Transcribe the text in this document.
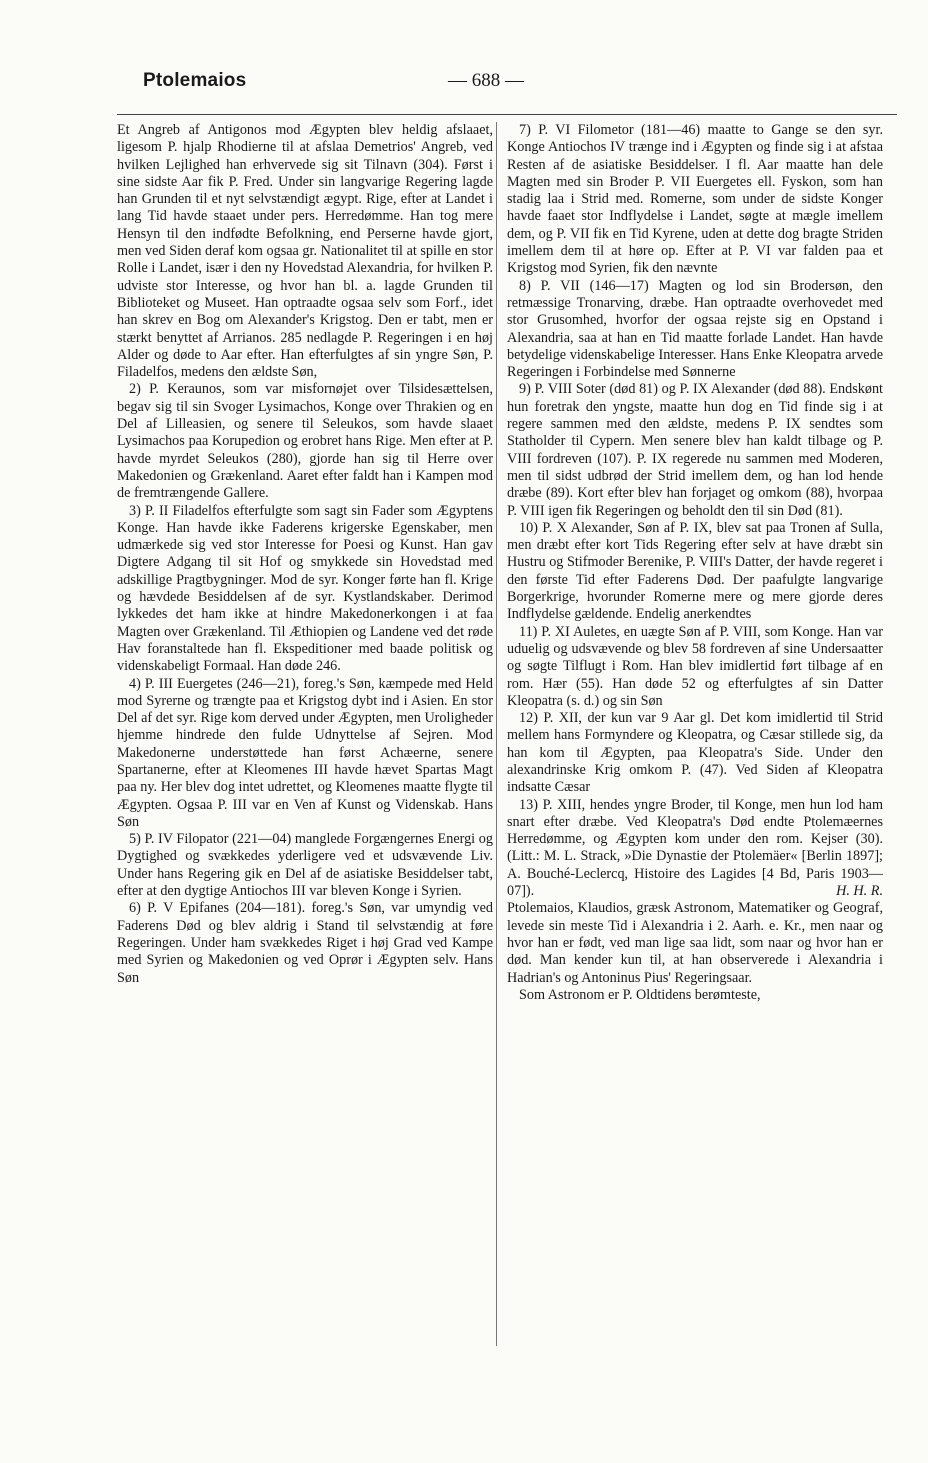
Ptolemaios	— 688 —

Et Angreb af Antigonos mod Ægypten blev heldig afslaaet, ligesom P. hjalp Rhodierne til at afslaa Demetrios' Angreb, ved hvilken Lejlighed han erhvervede sig sit Tilnavn (304). Først i sine sidste Aar fik P. Fred. Under sin langvarige Regering lagde han Grunden til et nyt selvstændigt ægypt. Rige, efter at Landet i lang Tid havde staaet under pers. Herredømme. Han tog mere Hensyn til den indfødte Befolkning, end Perserne havde gjort, men ved Siden deraf kom ogsaa gr. Nationalitet til at spille en stor Rolle i Landet, især i den ny Hovedstad Alexandria, for hvilken P. udviste stor Interesse, og hvor han bl. a. lagde Grunden til Biblioteket og Museet. Han optraadte ogsaa selv som Forf., idet han skrev en Bog om Alexander's Krigstog. Den er tabt, men er stærkt benyttet af Arrianos. 285 nedlagde P. Regeringen i en høj Alder og døde to Aar efter. Han efterfulgtes af sin yngre Søn, P. Filadelfos, medens den ældste Søn,

2) P. Keraunos, som var misfornøjet over Tilsidesættelsen, begav sig til sin Svoger Lysimachos, Konge over Thrakien og en Del af Lilleasien, og senere til Seleukos, som havde slaaet Lysimachos paa Korupedion og erobret hans Rige. Men efter at P. havde myrdet Seleukos (280), gjorde han sig til Herre over Makedonien og Grækenland. Aaret efter faldt han i Kampen mod de fremtrængende Gallere.

3) P. II Filadelfos efterfulgte som sagt sin Fader som Ægyptens Konge. Han havde ikke Faderens krigerske Egenskaber, men udmærkede sig ved stor Interesse for Poesi og Kunst. Han gav Digtere Adgang til sit Hof og smykkede sin Hovedstad med adskillige Pragtbygninger. Mod de syr. Konger førte han fl. Krige og hævdede Besiddelsen af de syr. Kystlandskaber. Derimod lykkedes det ham ikke at hindre Makedonerkongen i at faa Magten over Grækenland. Til Æthiopien og Landene ved det røde Hav foranstaltede han fl. Ekspeditioner med baade politisk og videnskabeligt Formaal. Han døde 246.

4) P. III Euergetes (246—21), foreg.'s Søn, kæmpede med Held mod Syrerne og trængte paa et Krigstog dybt ind i Asien. En stor Del af det syr. Rige kom derved under Ægypten, men Uroligheder hjemme hindrede den fulde Udnyttelse af Sejren. Mod Makedonerne understøttede han først Achæerne, senere Spartanerne, efter at Kleomenes III havde hævet Spartas Magt paa ny. Her blev dog intet udrettet, og Kleomenes maatte flygte til Ægypten. Ogsaa P. III var en Ven af Kunst og Videnskab. Hans Søn

5) P. IV Filopator (221—04) manglede Forgængernes Energi og Dygtighed og svækkedes yderligere ved et udsvævende Liv. Under hans Regering gik en Del af de asiatiske Besiddelser tabt, efter at den dygtige Antiochos III var bleven Konge i Syrien.

6) P. V Epifanes (204—181). foreg.'s Søn, var umyndig ved Faderens Død og blev aldrig i Stand til selvstændig at føre Regeringen. Under ham svækkedes Riget i høj Grad ved Kampe med Syrien og Makedonien og ved Oprør i Ægypten selv. Hans Søn

7) P. VI Filometor (181—46) maatte to Gange se den syr. Konge Antiochos IV trænge ind i Ægypten og finde sig i at afstaa Resten af de asiatiske Besiddelser. I fl. Aar maatte han dele Magten med sin Broder P. VII Euergetes ell. Fyskon, som han stadig laa i Strid med. Romerne, som under de sidste Konger havde faaet stor Indflydelse i Landet, søgte at mægle imellem dem, og P. VII fik en Tid Kyrene, uden at dette dog bragte Striden imellem dem til at høre op. Efter at P. VI var falden paa et Krigstog mod Syrien, fik den nævnte

8) P. VII (146—17) Magten og lod sin Brodersøn, den retmæssige Tronarving, dræbe. Han optraadte overhovedet med stor Grusomhed, hvorfor der ogsaa rejste sig en Opstand i Alexandria, saa at han en Tid maatte forlade Landet. Han havde betydelige videnskabelige Interesser. Hans Enke Kleopatra arvede Regeringen i Forbindelse med Sønnerne

9) P. VIII Soter (død 81) og P. IX Alexander (død 88). Endskønt hun foretrak den yngste, maatte hun dog en Tid finde sig i at regere sammen med den ældste, medens P. IX sendtes som Statholder til Cypern. Men senere blev han kaldt tilbage og P. VIII fordreven (107). P. IX regerede nu sammen med Moderen, men til sidst udbrød der Strid imellem dem, og han lod hende dræbe (89). Kort efter blev han forjaget og omkom (88), hvorpaa P. VIII igen fik Regeringen og beholdt den til sin Død (81).

10) P. X Alexander, Søn af P. IX, blev sat paa Tronen af Sulla, men dræbt efter kort Tids Regering efter selv at have dræbt sin Hustru og Stifmoder Berenike, P. VIII's Datter, der havde regeret i den første Tid efter Faderens Død. Der paafulgte langvarige Borgerkrige, hvorunder Romerne mere og mere gjorde deres Indflydelse gældende. Endelig anerkendtes

11) P. XI Auletes, en uægte Søn af P. VIII, som Konge. Han var uduelig og udsvævende og blev 58 fordreven af sine Undersaatter og søgte Tilflugt i Rom. Han blev imidlertid ført tilbage af en rom. Hær (55). Han døde 52 og efterfulgtes af sin Datter Kleopatra (s. d.) og sin Søn

12) P. XII, der kun var 9 Aar gl. Det kom imidlertid til Strid mellem hans Formyndere og Kleopatra, og Cæsar stillede sig, da han kom til Ægypten, paa Kleopatra's Side. Under den alexandrinske Krig omkom P. (47). Ved Siden af Kleopatra indsatte Cæsar

13) P. XIII, hendes yngre Broder, til Konge, men hun lod ham snart efter dræbe. Ved Kleopatra's Død endte Ptolemæernes Herredømme, og Ægypten kom under den rom. Kejser (30). (Litt.: M. L. Strack, »Die Dynastie der Ptolemäer« [Berlin 1897]; A. Bouché-Leclercq, Histoire des Lagides [4 Bd, Paris 1903—07]).	H. H. R.

Ptolemaios, Klaudios, græsk Astronom, Matematiker og Geograf, levede sin meste Tid i Alexandria i 2. Aarh. e. Kr., men naar og hvor han er født, ved man lige saa lidt, som naar og hvor han er død. Man kender kun til, at han observerede i Alexandria i Hadrian's og Antoninus Pius' Regeringsaar.

Som Astronom er P. Oldtidens berømteste,
